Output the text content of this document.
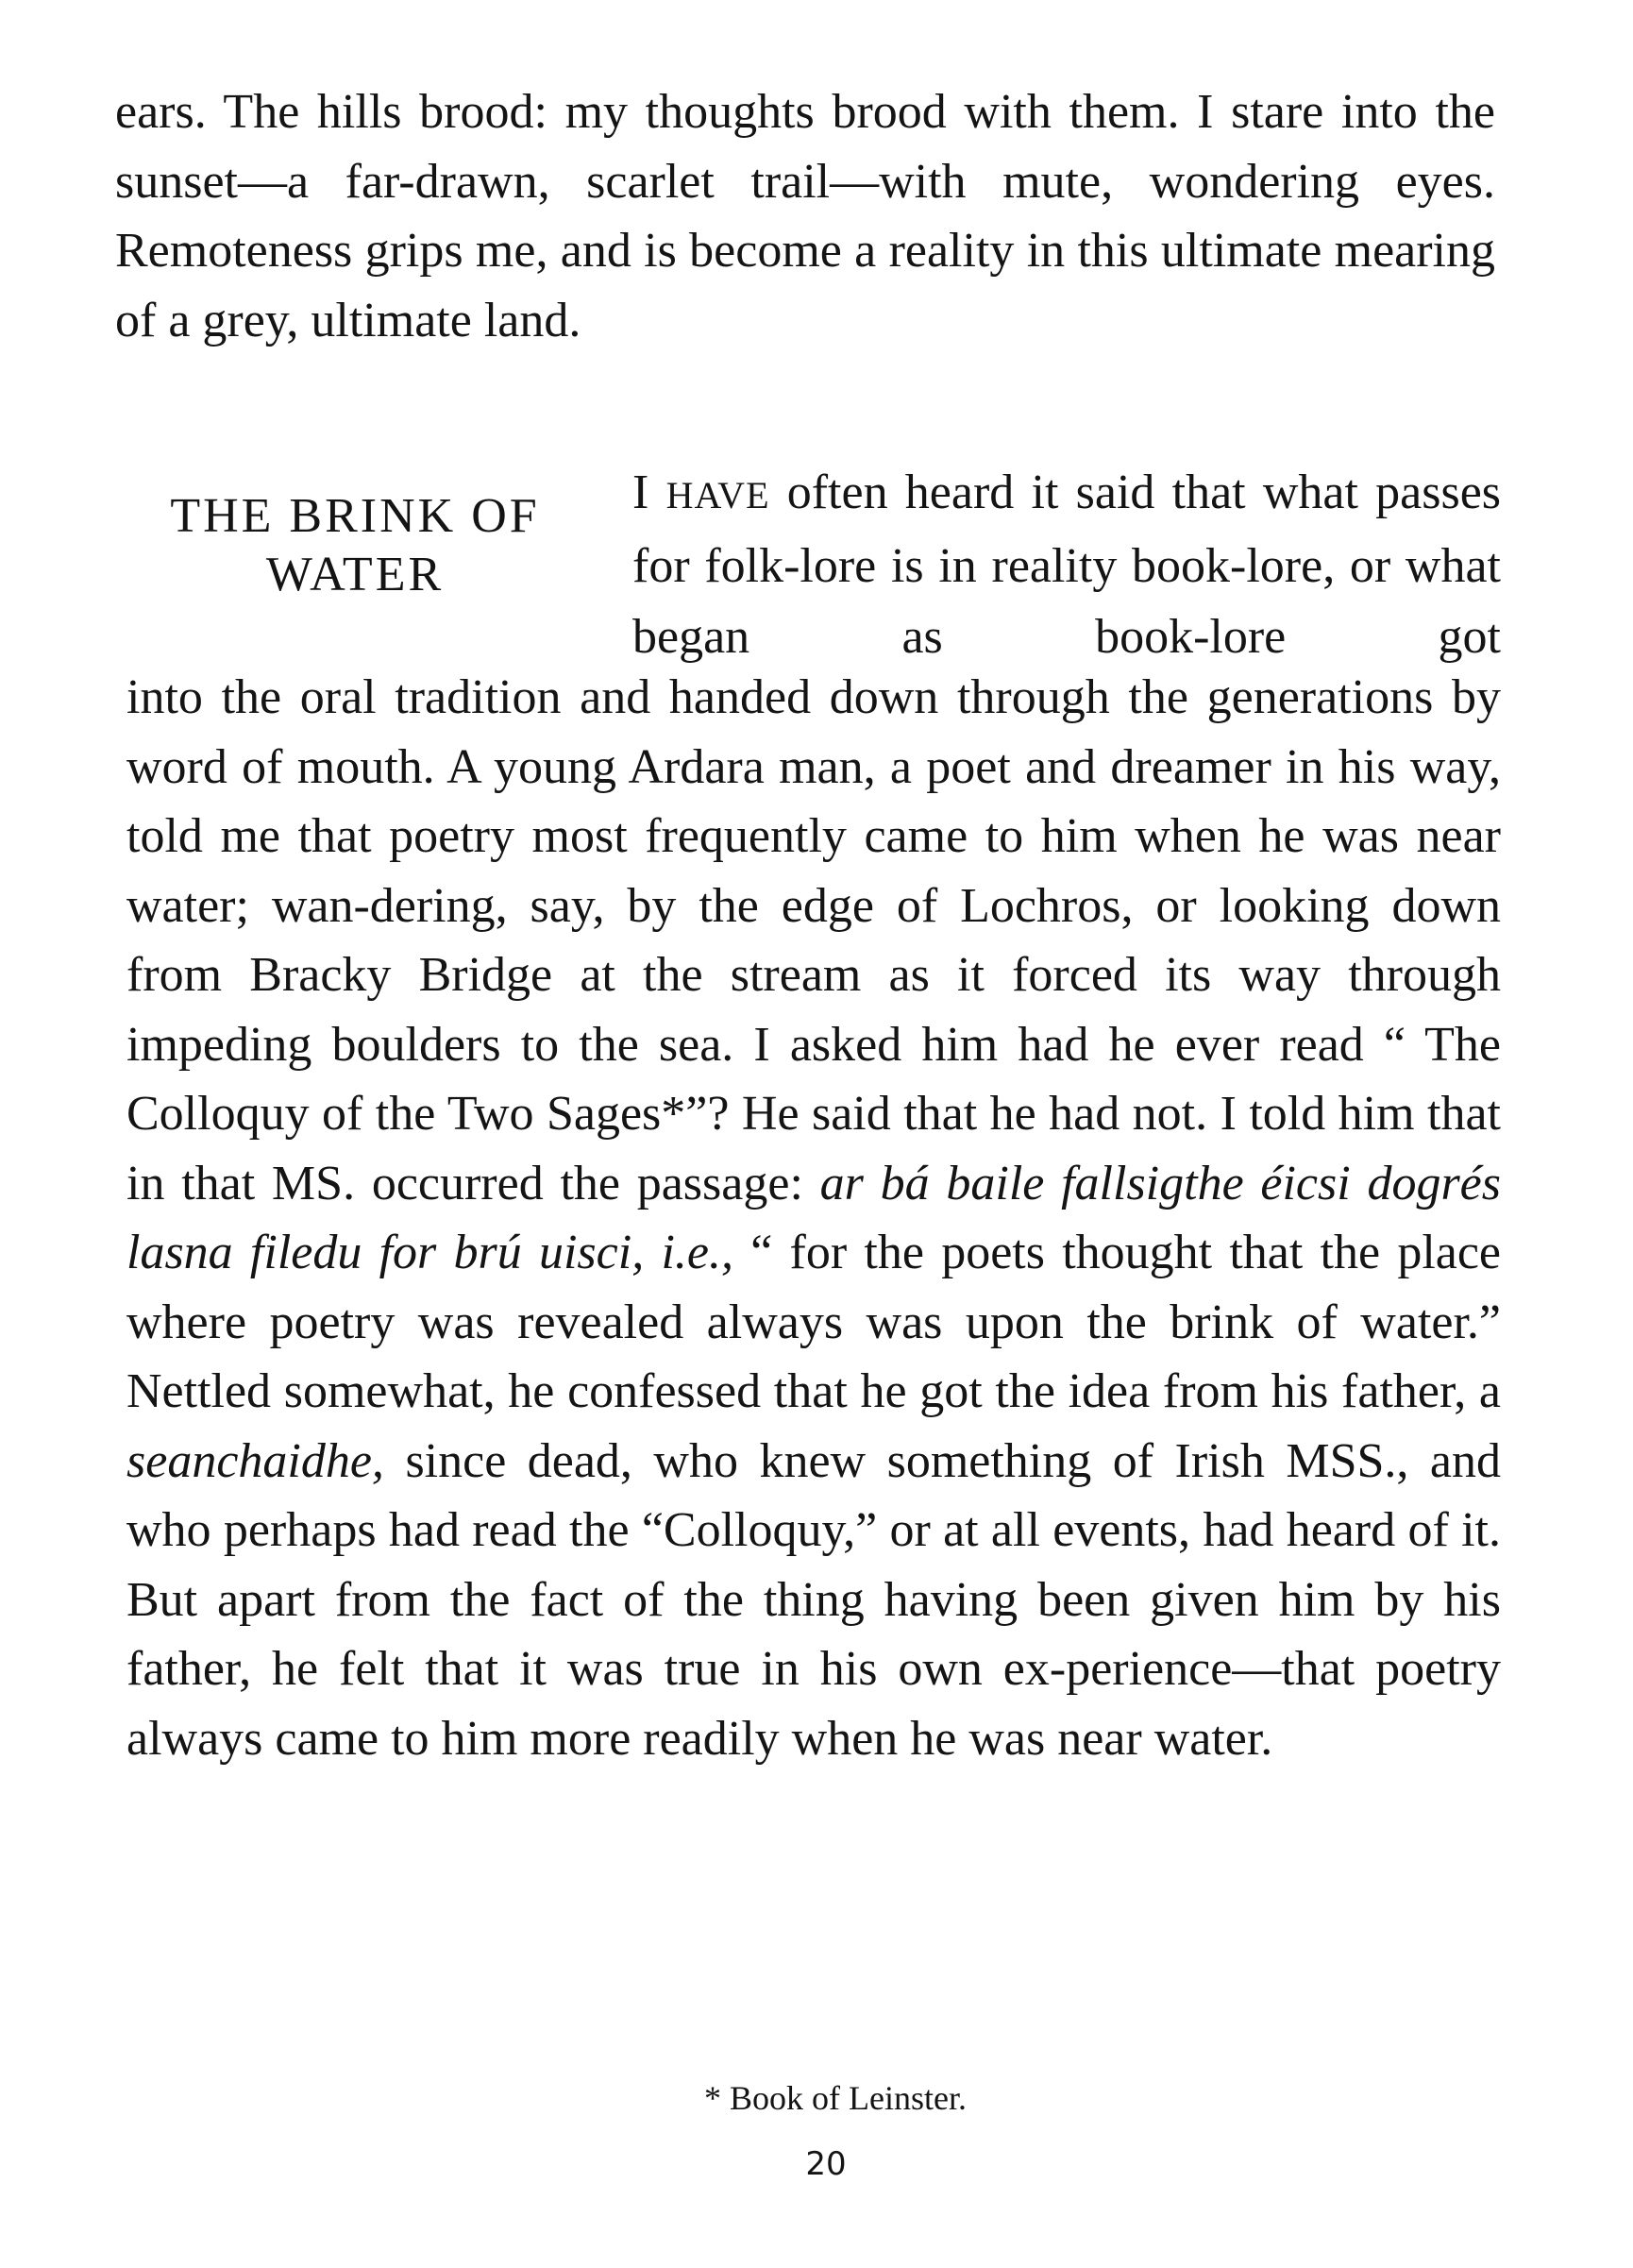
ears. The hills brood: my thoughts brood with them. I stare into the sunset—a far-drawn, scarlet trail—with mute, wondering eyes. Remoteness grips me, and is become a reality in this ultimate mearing of a grey, ultimate land.

THE BRINK OF
WATER

I HAVE often heard it said that what passes for folk-lore is in reality book-lore, or what began as book-lore got

into the oral tradition and handed down through the generations by word of mouth. A young Ardara man, a poet and dreamer in his way, told me that poetry most frequently came to him when he was near water; wan-dering, say, by the edge of Lochros, or looking down from Bracky Bridge at the stream as it forced its way through impeding boulders to the sea. I asked him had he ever read “ The Colloquy of the Two Sages*”? He said that he had not. I told him that in that MS. occurred the passage: ar bá baile fallsigthe éicsi dogrés lasna filedu for brú uisci, i.e., “ for the poets thought that the place where poetry was revealed always was upon the brink of water.” Nettled somewhat, he confessed that he got the idea from his father, a seanchaidhe, since dead, who knew something of Irish MSS., and who perhaps had read the “Colloquy,” or at all events, had heard of it. But apart from the fact of the thing having been given him by his father, he felt that it was true in his own ex-perience—that poetry always came to him more readily when he was near water.

* Book of Leinster.

20
